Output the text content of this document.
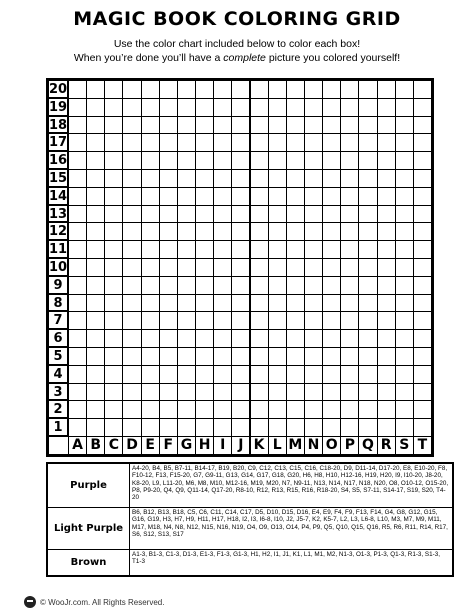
MAGIC BOOK COLORING GRID
Use the color chart included below to color each box!
When you’re done you’ll have a complete picture you colored yourself!
Purple
A4-20, B4, B5, B7-11, B14-17, B19, B20, C9, C12, C13, C15, C16, C18-20, D9, D11-14, D17-20, E8, E10-20, F8, F10-12, F13, F15-20, G7, G9-11, G13, G14, G17, G18, G20, H6, H8, H10, H12-16, H19, H20, I9, I10-20, J8-20, K8-20, L9, L11-20, M6, M8, M10, M12-16, M19, M20, N7, N9-11, N13, N14, N17, N18, N20, O8, O10-12, O15-20, P8, P9-20, Q4, Q9, Q11-14, Q17-20, R8-10, R12, R13, R15, R16, R18-20, S4, S5, S7-11, S14-17, S19, S20, T4-20
Light Purple
B6, B12, B13, B18, C5, C6, C11, C14, C17, D5, D10, D15, D16, E4, E9, F4, F9, F13, F14, G4, G8, G12, G15, G16, G19, H3, H7, H9, H11, H17, H18, I2, I3, I6-8, I10, J2, J5-7, K2, K5-7, L2, L3, L6-8, L10, M3, M7, M9, M11, M17, M18, N4, N8, N12, N15, N16, N19, O4, O9, O13, O14, P4, P9, Q5, Q10, Q15, Q16, R5, R6, R11, R14, R17, S6, S12, S13, S17
Brown
A1-3, B1-3, C1-3, D1-3, E1-3, F1-3, G1-3, H1, H2, I1, J1, K1, L1, M1, M2, N1-3, O1-3, P1-3, Q1-3, R1-3, S1-3, T1-3
© WooJr.com. All Rights Reserved.
20
19
18
17
16
15
14
13
12
11
10
9
8
7
6
5
4
3
2
1
A B C D E F G H I J K L M N O P Q R S T
